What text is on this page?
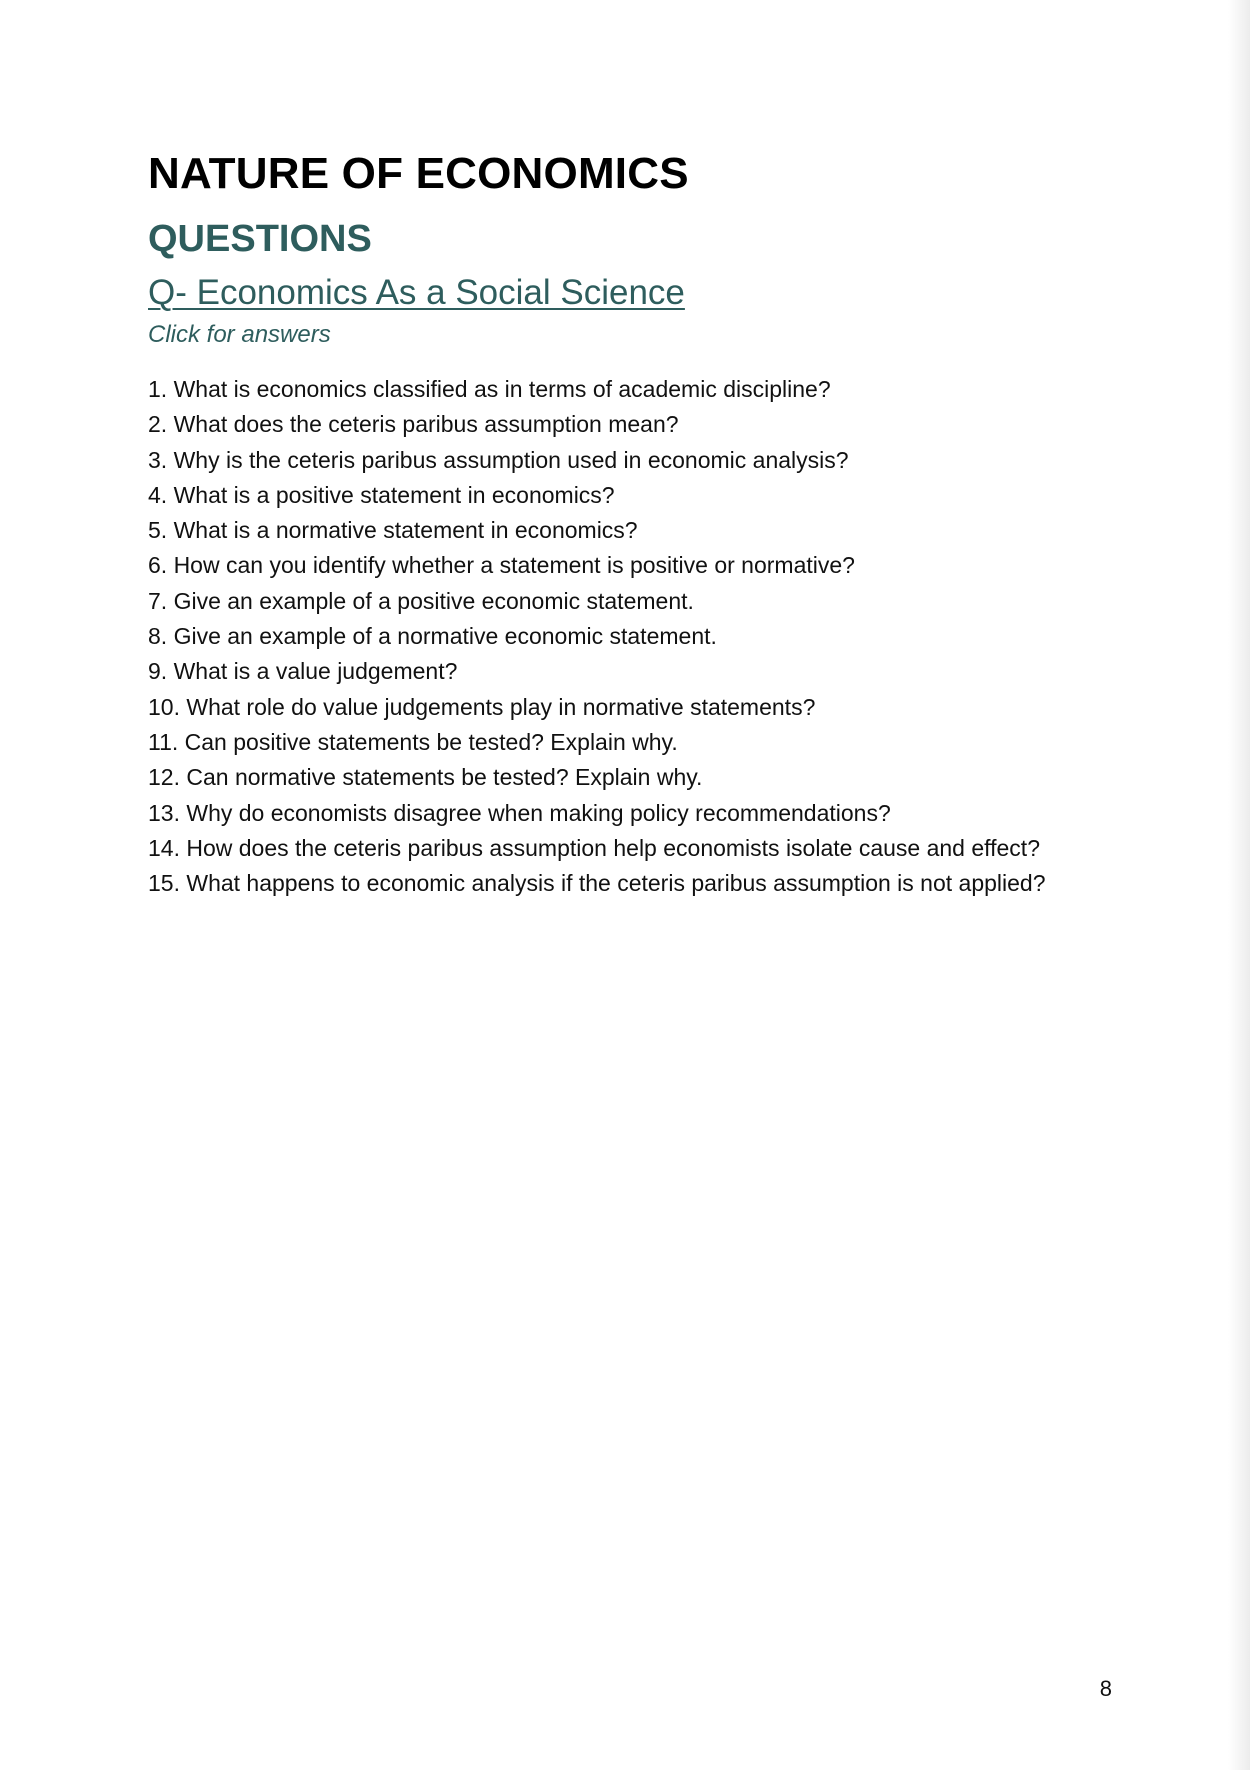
NATURE OF ECONOMICS
QUESTIONS
Q- Economics As a Social Science
Click for answers
1. What is economics classified as in terms of academic discipline?
2. What does the ceteris paribus assumption mean?
3. Why is the ceteris paribus assumption used in economic analysis?
4. What is a positive statement in economics?
5. What is a normative statement in economics?
6. How can you identify whether a statement is positive or normative?
7. Give an example of a positive economic statement.
8. Give an example of a normative economic statement.
9. What is a value judgement?
10. What role do value judgements play in normative statements?
11. Can positive statements be tested? Explain why.
12. Can normative statements be tested? Explain why.
13. Why do economists disagree when making policy recommendations?
14. How does the ceteris paribus assumption help economists isolate cause and effect?
15. What happens to economic analysis if the ceteris paribus assumption is not applied?
8
